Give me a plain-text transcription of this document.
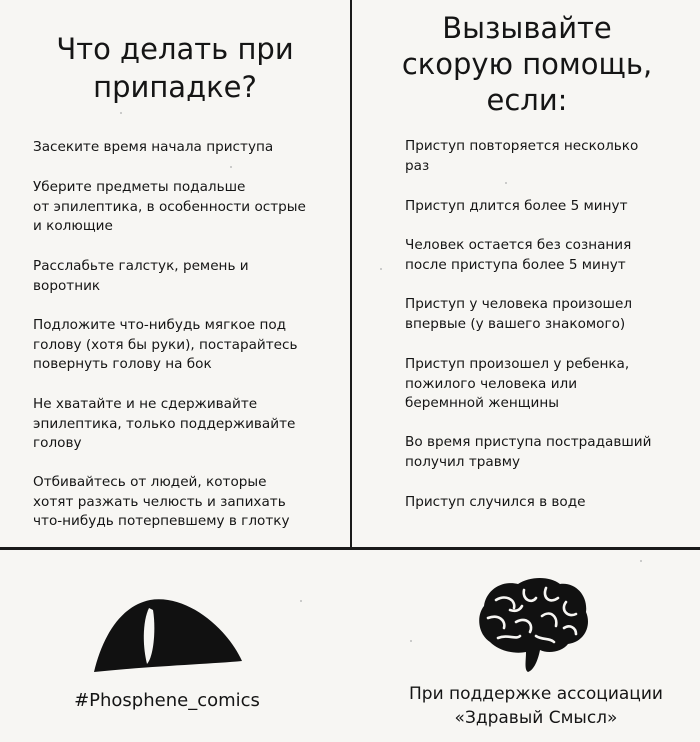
Что делать при
припадке?
Вызывайте
скорую помощь,
если:
Засеките время начала приступа
Уберите предметы подальше
от эпилептика, в особенности острые
и колющие
Расслабьте галстук, ремень и
воротник
Подложите что-нибудь мягкое под
голову (хотя бы руки), постарайтесь
повернуть голову на бок
Не хватайте и не сдерживайте
эпилептика, только поддерживайте
голову
Отбивайтесь от людей, которые
хотят разжать челюсть и запихать
что-нибудь потерпевшему в глотку
Приступ повторяется несколько
раз
Приступ длится более 5 минут
Человек остается без сознания
после приступа более 5 минут
Приступ у человека произошел
впервые (у вашего знакомого)
Приступ произошел у ребенка,
пожилого человека или
беремнной женщины
Во время приступа пострадавший
получил травму
Приступ случился в воде
#Phosphene_comics	При поддержке ассоциации
«Здравый Смысл»
